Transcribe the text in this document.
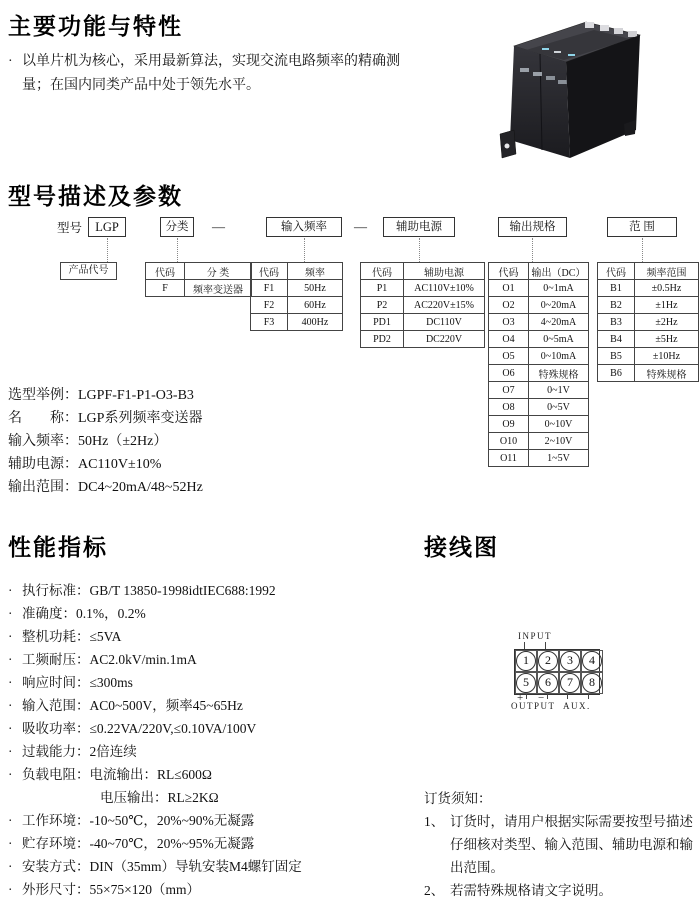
主要功能与特性
· 以单片机为核心，采用最新算法，实现交流电路频率的精确测量；在国内同类产品中处于领先水平。
型号描述及参数
型号	LGP	分类	—	输入频率	—	辅助电源	输出规格	范 围
产品代号	代码	分 类
F	频率变送器
代码	频率
F1	50Hz
F2	60Hz
F3	400Hz
代码	辅助电源
P1	AC110V±10%
P2	AC220V±15%
PD1	DC110V
PD2	DC220V
代码	输出（DC）
O1	0~1mA
O2	0~20mA
O3	4~20mA
O4	0~5mA
O5	0~10mA
O6	特殊规格
O7	0~1V
O8	0~5V
O9	0~10V
O10	2~10V
O11	1~5V
代码	频率范围
B1	±0.5Hz
B2	±1Hz
B3	±2Hz
B4	±5Hz
B5	±10Hz
B6	特殊规格
选型举例： LGPF-F1-P1-O3-B3
名　　称： LGP系列频率变送器
输入频率： 50Hz（±2Hz）
辅助电源： AC110V±10%
输出范围： DC4~20mA/48~52Hz
性能指标
· 执行标准：GB/T 13850-1998idtIEC688:1992
· 准确度：0.1%，0.2%
· 整机功耗：≤5VA
· 工频耐压：AC2.0kV/min.1mA
· 响应时间：≤300ms
· 输入范围：AC0~500V，频率45~65Hz
· 吸收功率：≤0.22VA/220V,≤0.10VA/100V
· 过载能力：2倍连续
· 负载电阻：电流输出：RL≤600Ω
电压输出：RL≥2KΩ
· 工作环境：-10~50℃，20%~90%无凝露
· 贮存环境：-40~70℃，20%~95%无凝露
· 安装方式：DIN（35mm）导轨安装M4螺钉固定
· 外形尺寸：55×75×120（mm）
接线图
INPUT
1	2	3	4
5	6	7	8
+ −
OUTPUT AUX.
订货须知：
1、 订货时，请用户根据实际需要按型号描述仔细核对类型、输入范围、辅助电源和输出范围。
2、 若需特殊规格请文字说明。
